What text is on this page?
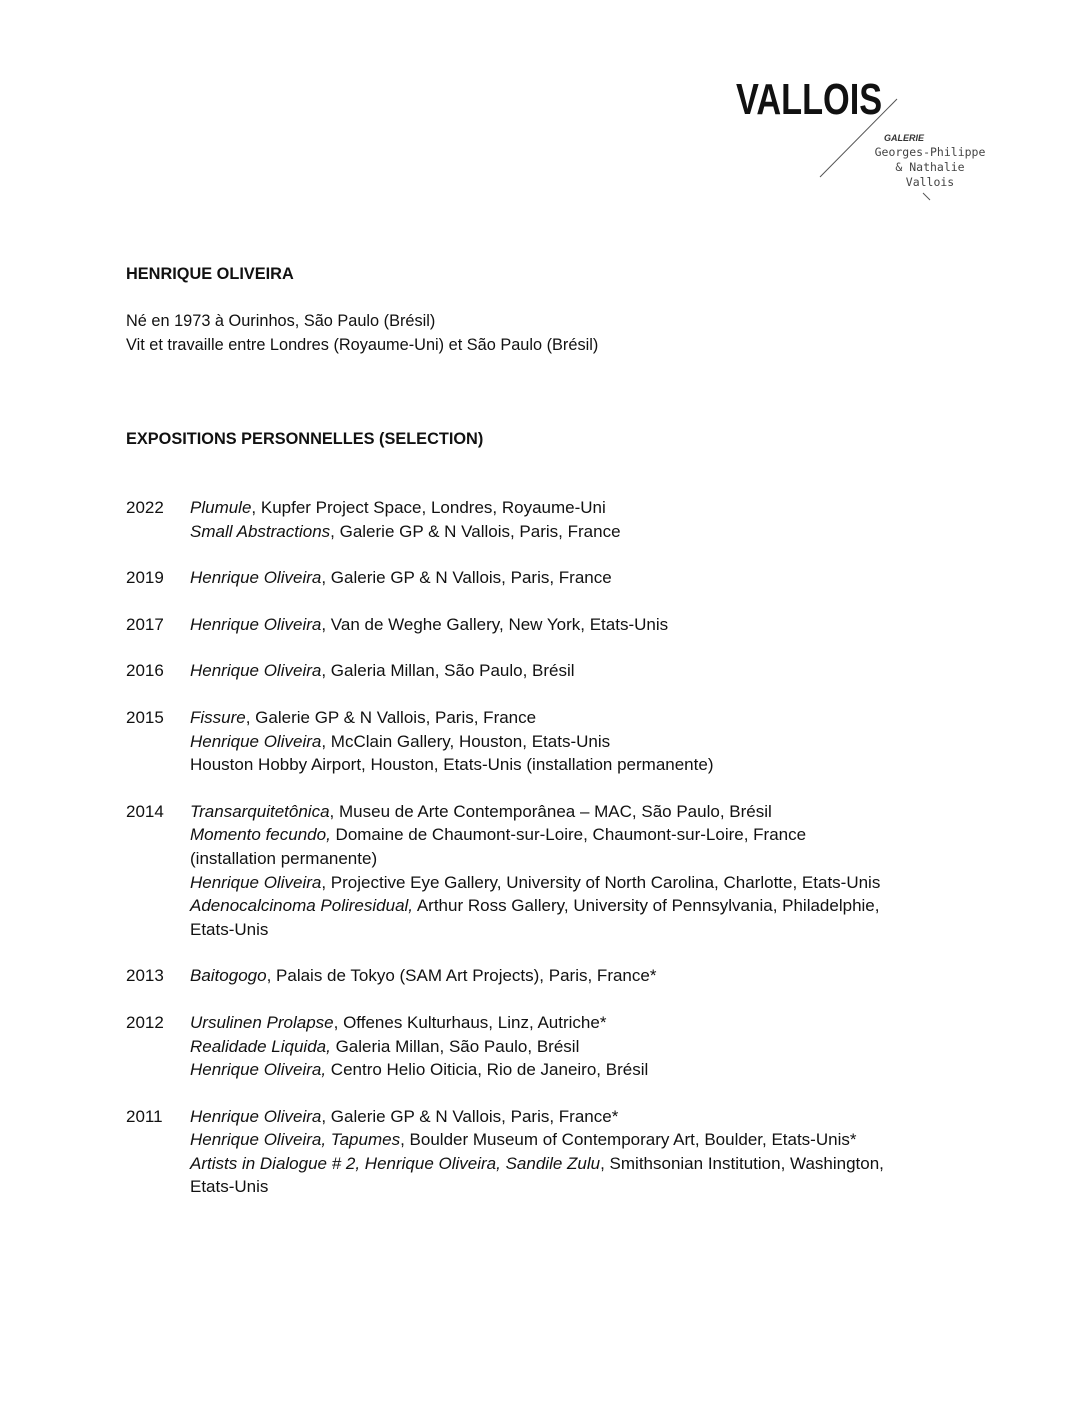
VALLOIS
GALERIE
Georges-Philippe
& Nathalie
Vallois
HENRIQUE OLIVEIRA
Né en 1973 à Ourinhos, São Paulo (Brésil)
Vit et travaille entre Londres (Royaume-Uni) et São Paulo (Brésil)
EXPOSITIONS PERSONNELLES (SELECTION)
2022	Plumule, Kupfer Project Space, Londres, Royaume-Uni
Small Abstractions, Galerie GP & N Vallois, Paris, France
2019	Henrique Oliveira, Galerie GP & N Vallois, Paris, France
2017	Henrique Oliveira, Van de Weghe Gallery, New York, Etats-Unis
2016	Henrique Oliveira, Galeria Millan, São Paulo, Brésil
2015	Fissure, Galerie GP & N Vallois, Paris, France
Henrique Oliveira, McClain Gallery, Houston, Etats-Unis
Houston Hobby Airport, Houston, Etats-Unis (installation permanente)
2014	Transarquitetônica, Museu de Arte Contemporânea – MAC, São Paulo, Brésil
Momento fecundo, Domaine de Chaumont-sur-Loire, Chaumont-sur-Loire, France
(installation permanente)
Henrique Oliveira, Projective Eye Gallery, University of North Carolina, Charlotte, Etats-Unis
Adenocalcinoma Poliresidual, Arthur Ross Gallery, University of Pennsylvania, Philadelphie,
Etats-Unis
2013	Baitogogo, Palais de Tokyo (SAM Art Projects), Paris, France*
2012	Ursulinen Prolapse, Offenes Kulturhaus, Linz, Autriche*
Realidade Liquida, Galeria Millan, São Paulo, Brésil
Henrique Oliveira, Centro Helio Oiticia, Rio de Janeiro, Brésil
2011	Henrique Oliveira, Galerie GP & N Vallois, Paris, France*
Henrique Oliveira, Tapumes, Boulder Museum of Contemporary Art, Boulder, Etats-Unis*
Artists in Dialogue # 2, Henrique Oliveira, Sandile Zulu, Smithsonian Institution, Washington,
Etats-Unis
